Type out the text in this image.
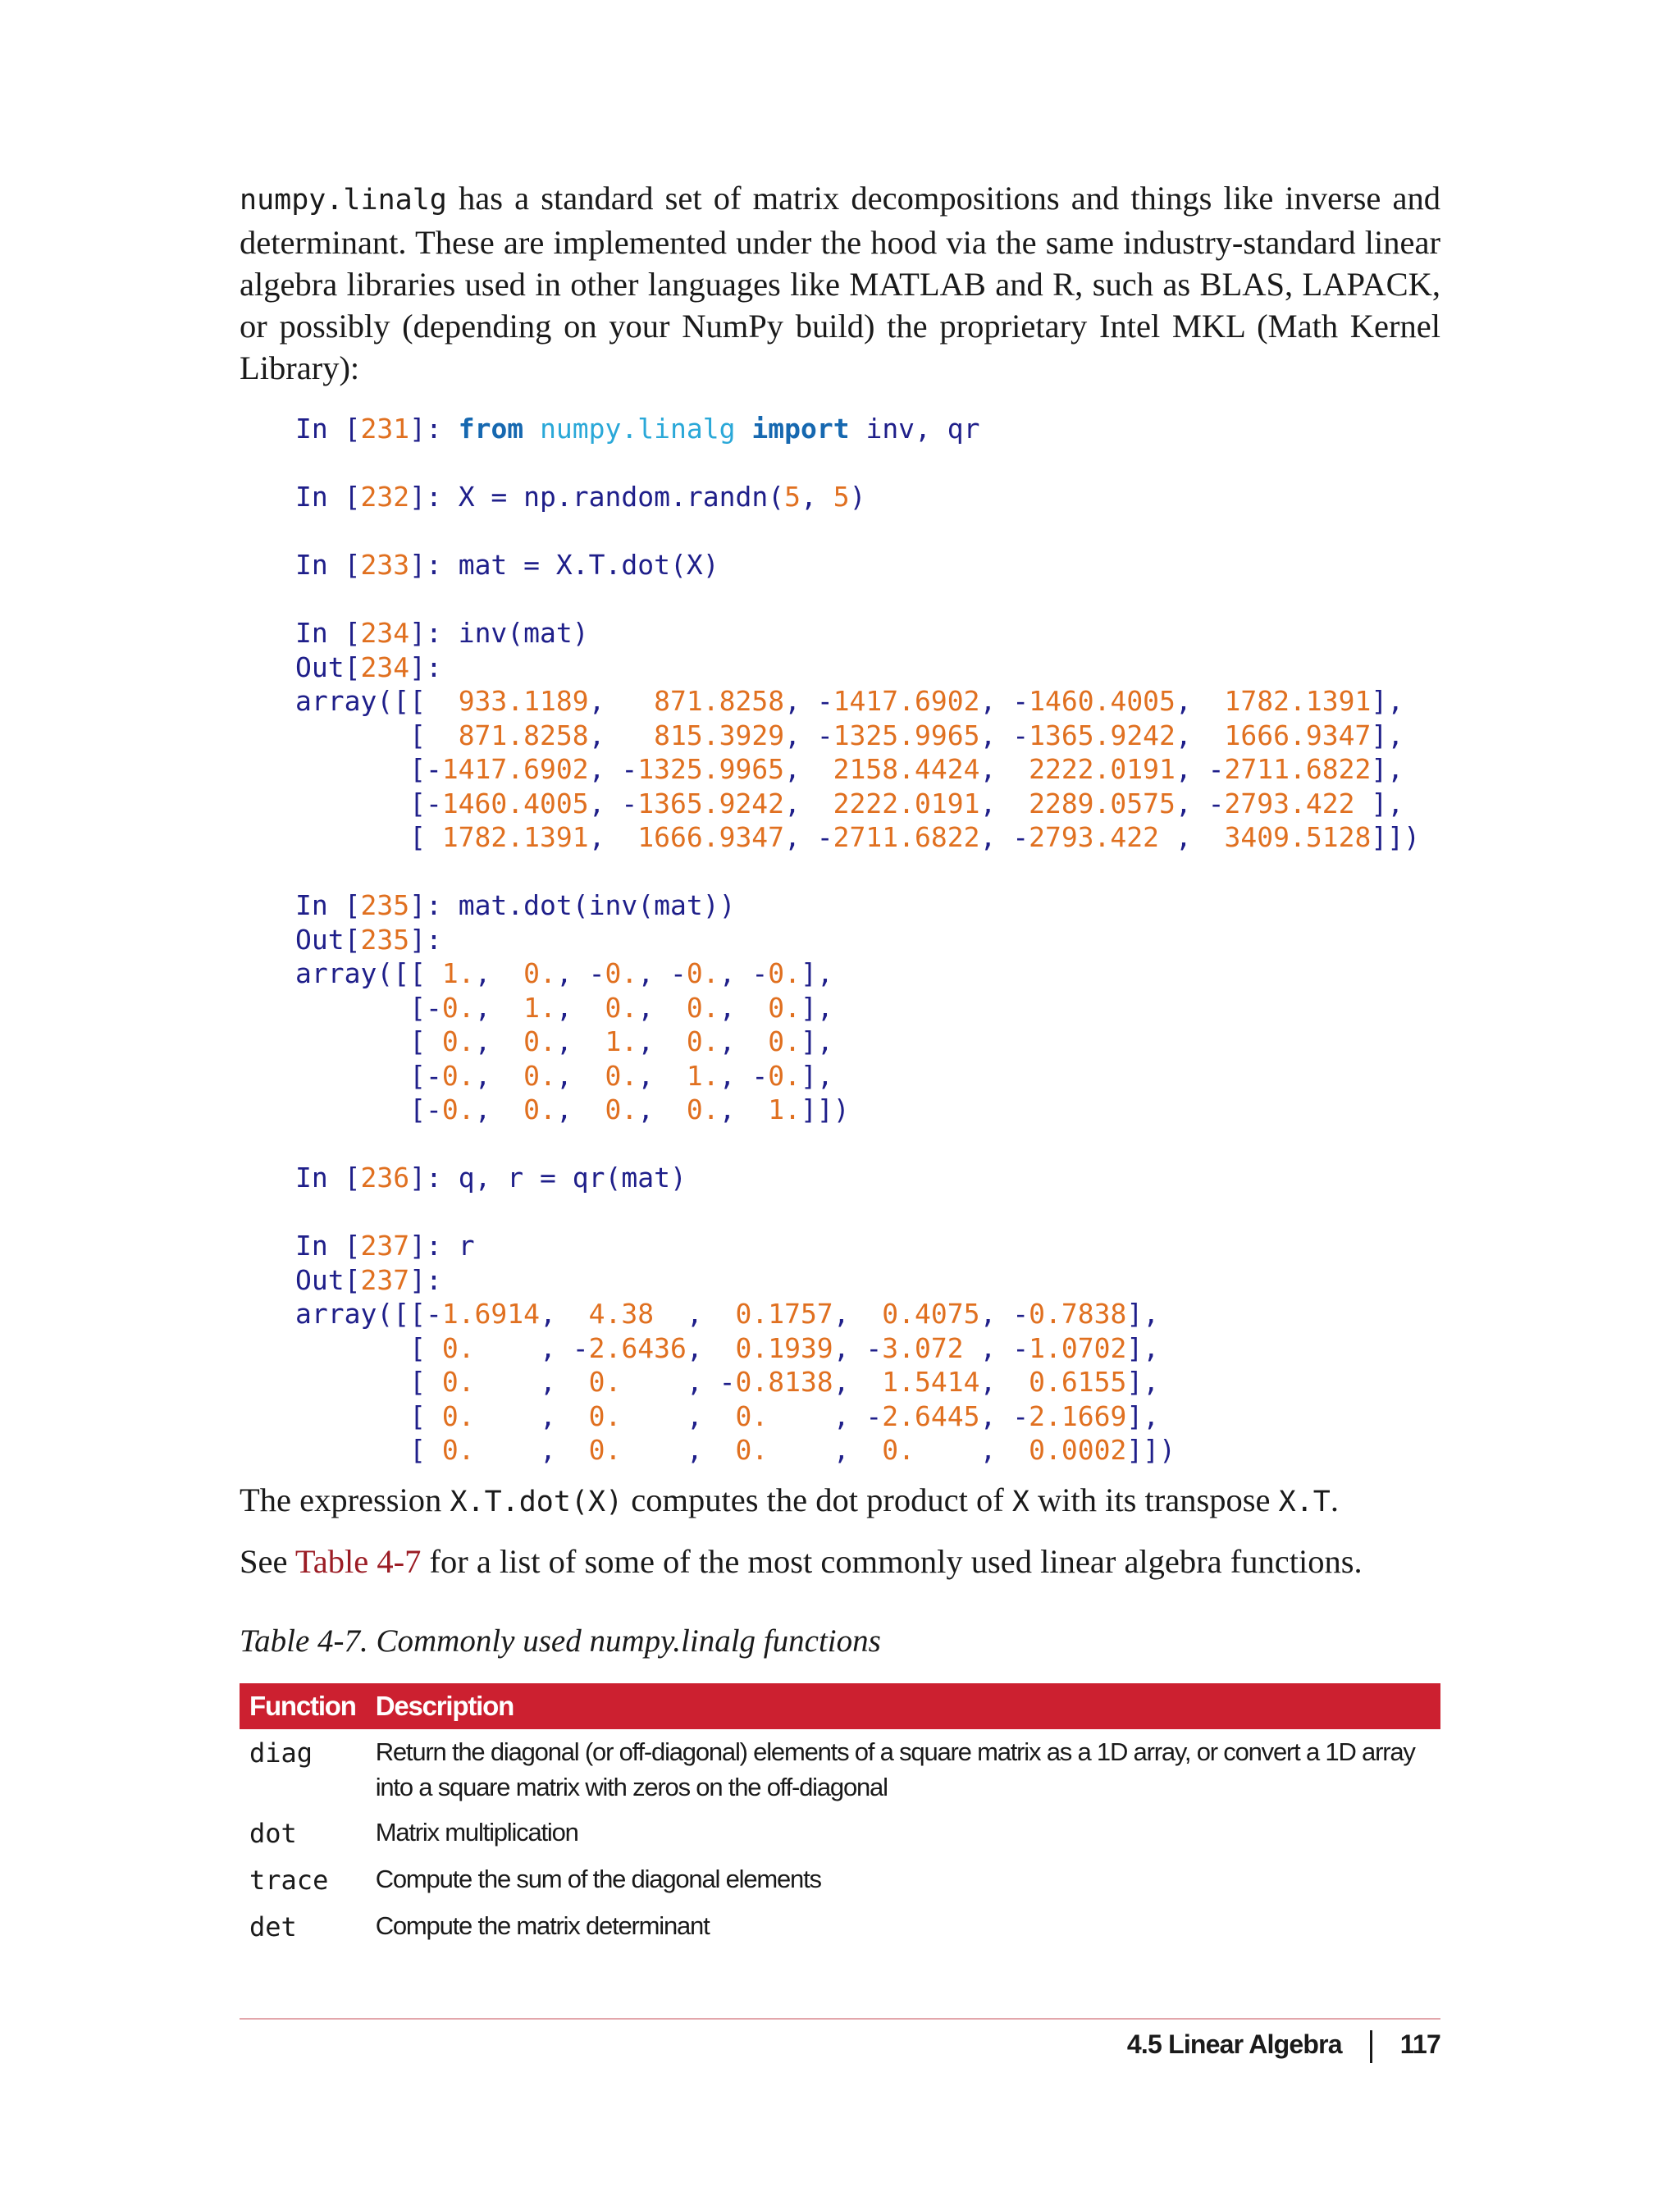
numpy.linalg has a standard set of matrix decompositions and things like inverse and determinant. These are implemented under the hood via the same industry-standard linear algebra libraries used in other languages like MATLAB and R, such as BLAS, LAPACK, or possibly (depending on your NumPy build) the proprietary Intel MKL (Math Kernel Library):

In [231]: from numpy.linalg import inv, qr

In [232]: X = np.random.randn(5, 5)

In [233]: mat = X.T.dot(X)

In [234]: inv(mat)
Out[234]:
array([[  933.1189,   871.8258, -1417.6902, -1460.4005,  1782.1391],
[  871.8258,   815.3929, -1325.9965, -1365.9242,  1666.9347],
[-1417.6902, -1325.9965,  2158.4424,  2222.0191, -2711.6822],
[-1460.4005, -1365.9242,  2222.0191,  2289.0575, -2793.422 ],
[ 1782.1391,  1666.9347, -2711.6822, -2793.422 ,  3409.5128]])

In [235]: mat.dot(inv(mat))
Out[235]:
array([[ 1.,  0., -0., -0., -0.],
[-0.,  1.,  0.,  0.,  0.],
[ 0.,  0.,  1.,  0.,  0.],
[-0.,  0.,  0.,  1., -0.],
[-0.,  0.,  0.,  0.,  1.]])

In [236]: q, r = qr(mat)

In [237]: r
Out[237]:
array([[-1.6914,  4.38  ,  0.1757,  0.4075, -0.7838],
[ 0.    , -2.6436,  0.1939, -3.072 , -1.0702],
[ 0.    ,  0.    , -0.8138,  1.5414,  0.6155],
[ 0.    ,  0.    ,  0.    , -2.6445, -2.1669],
[ 0.    ,  0.    ,  0.    ,  0.    ,  0.0002]])

The expression X.T.dot(X) computes the dot product of X with its transpose X.T.

See Table 4-7 for a list of some of the most commonly used linear algebra functions.

Table 4-7. Commonly used numpy.linalg functions
Function	Description
diag	Return the diagonal (or off-diagonal) elements of a square matrix as a 1D array, or convert a 1D array into a square matrix with zeros on the off-diagonal
dot	Matrix multiplication
trace	Compute the sum of the diagonal elements
det	Compute the matrix determinant
4.5 Linear Algebra 117
